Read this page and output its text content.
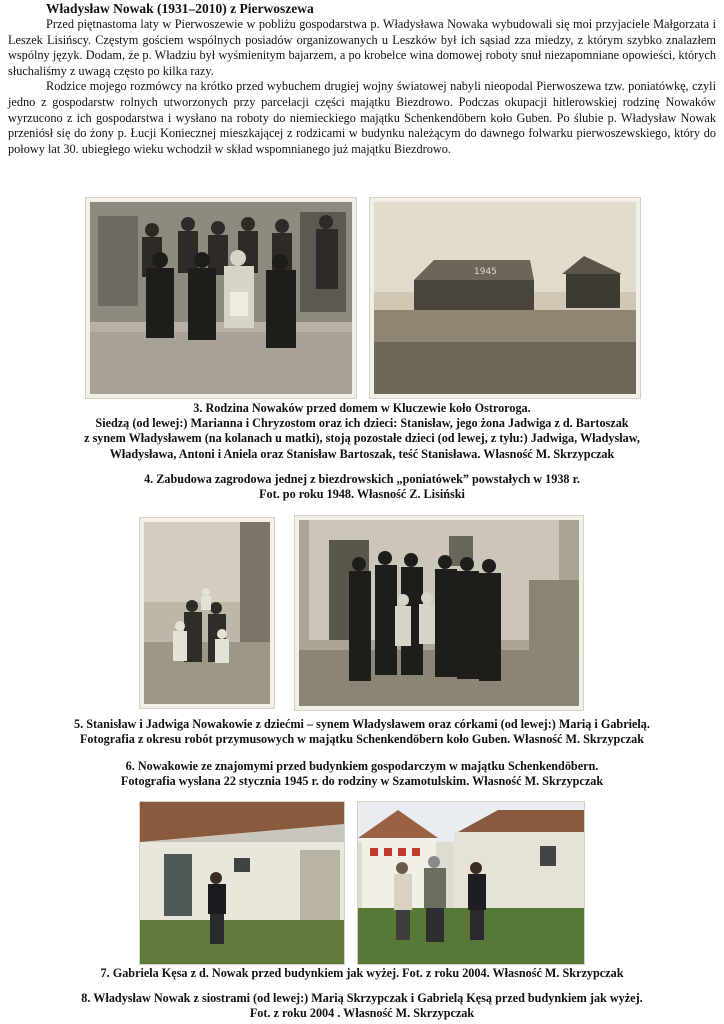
Władysław Nowak (1931–2010) z Pierwoszewa

Przed piętnastoma laty w Pierwoszewie w pobliżu gospodarstwa p. Władysława Nowaka wybudowali się moi przyjaciele Małgorzata i Leszek Lisińscy. Częstym gościem wspólnych posiadów organizowanych u Leszków był ich sąsiad zza miedzy, z którym szybko znalazłem wspólny język. Dodam, że p. Władziu był wyśmienitym bajarzem, a po krobelce wina domowej roboty snuł niezapomniane opowieści, których słuchaliśmy z uwagą często po kilka razy.

Rodzice mojego rozmówcy na krótko przed wybuchem drugiej wojny światowej nabyli nieopodal Pierwoszewa tzw. poniatówkę, czyli jedno z gospodarstw rolnych utworzonych przy parcelacji części majątku Biezdrowo. Podczas okupacji hitlerowskiej rodzinę Nowaków wyrzucono z ich gospodarstwa i wysłano na roboty do niemieckiego majątku Schenkendöbern koło Guben. Po ślubie p. Władysław Nowak przeniósł się do żony p. Łucji Koniecznej mieszkającej z rodzicami w budynku należącym do dawnego folwarku pierwoszewskiego, który do połowy lat 30. ubiegłego wieku wchodził w skład wspomnianego już majątku Biezdrowo.

1945
3. Rodzina Nowaków przed domem w Kluczewie koło Ostroroga.
Siedzą (od lewej:) Marianna i Chryzostom oraz ich dzieci: Stanisław, jego żona Jadwiga z d. Bartoszak
z synem Władysławem (na kolanach u matki), stoją pozostałe dzieci (od lewej, z tyłu:) Jadwiga, Władysław,
Władysława, Antoni i Aniela oraz Stanisław Bartoszak, teść Stanisława. Własność M. Skrzypczak
4. Zabudowa zagrodowa jednej z biezdrowskich „poniatówek” powstałych w 1938 r.
Fot. po roku 1948. Własność Z. Lisiński
5. Stanisław i Jadwiga Nowakowie z dziećmi – synem Władysławem oraz córkami (od lewej:) Marią i Gabrielą.
Fotografia z okresu robót przymusowych w majątku Schenkendöbern koło Guben. Własność M. Skrzypczak
6. Nowakowie ze znajomymi przed budynkiem gospodarczym w majątku Schenkendöbern.
Fotografia wysłana 22 stycznia 1945 r. do rodziny w Szamotulskim. Własność M. Skrzypczak
7. Gabriela Kęsa z d. Nowak przed budynkiem jak wyżej. Fot. z roku 2004. Własność M. Skrzypczak
8. Władysław Nowak z siostrami (od lewej:) Marią Skrzypczak i Gabrielą Kęsą przed budynkiem jak wyżej.
Fot. z roku 2004 . Własność M. Skrzypczak
